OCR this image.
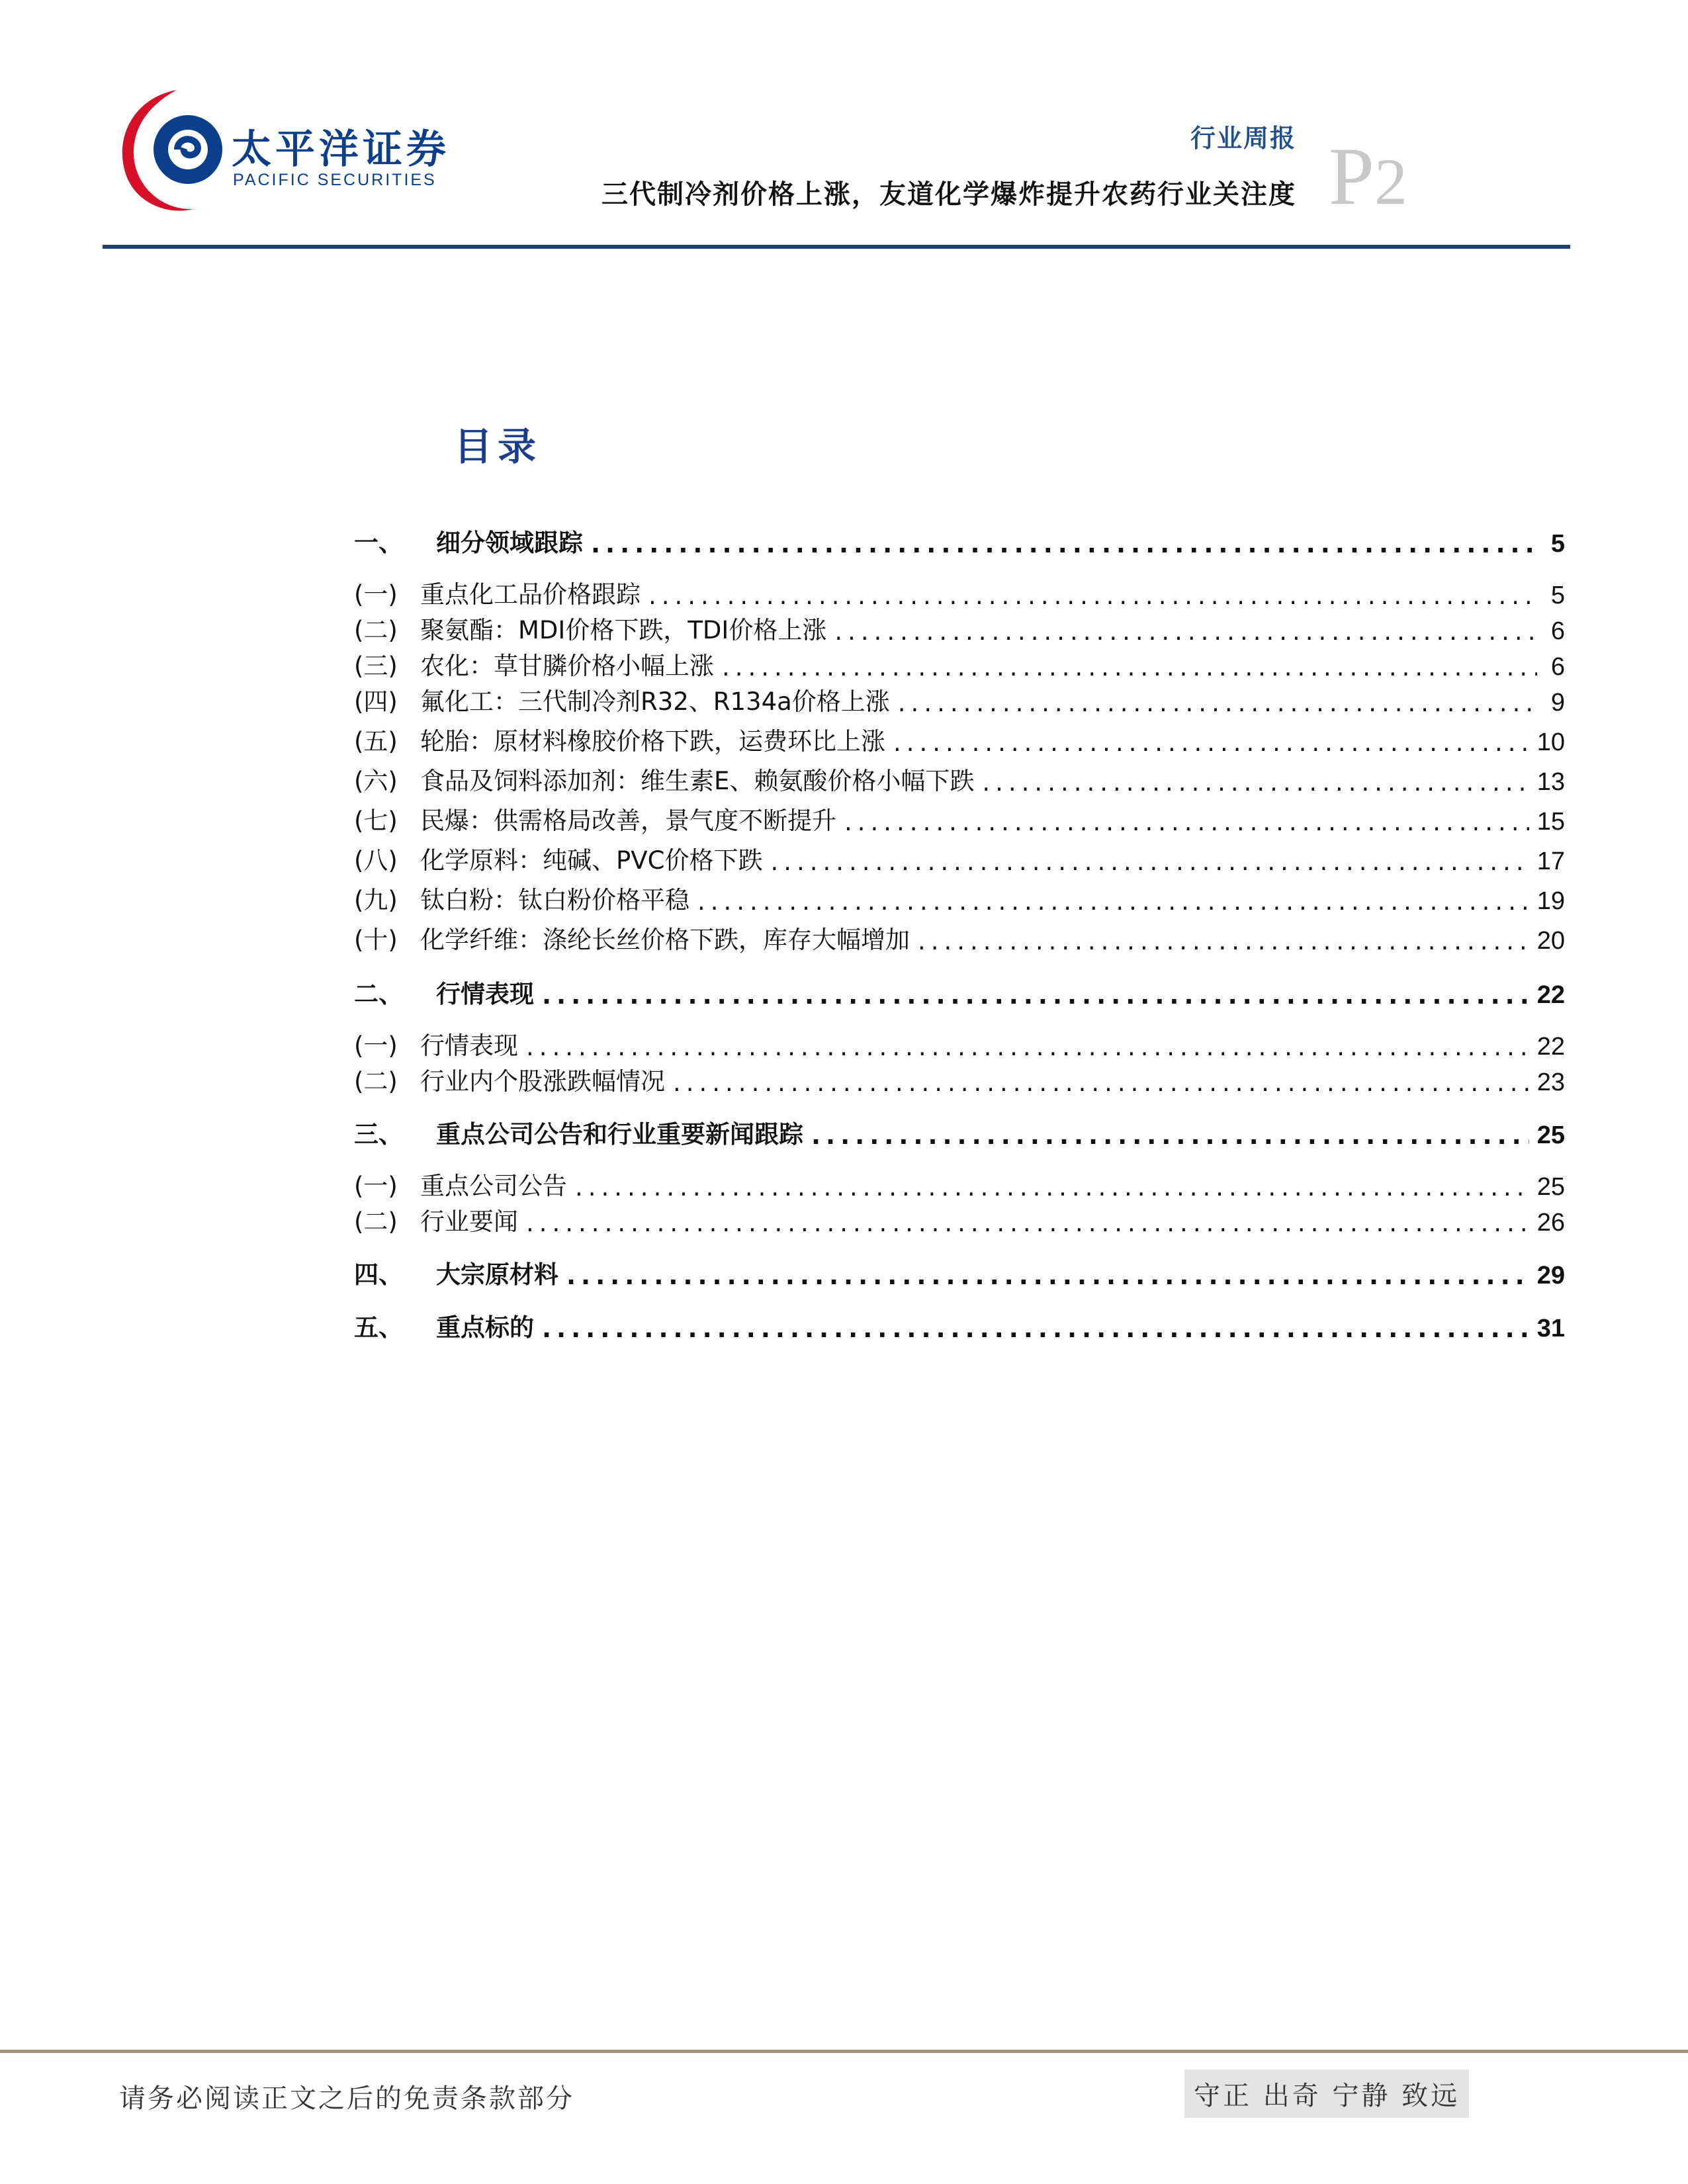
太平洋证券
PACIFIC SECURITIES
行业周报
三代制冷剂价格上涨，友道化学爆炸提升农药行业关注度 P2
目录
一、	细分领域跟踪 .....	5
(一) 重点化工品价格跟踪 .....	5
(二) 聚氨酯：MDI价格下跌，TDI价格上涨 .....	6
(三) 农化：草甘膦价格小幅上涨 .....	6
(四) 氟化工：三代制冷剂R32、R134a价格上涨 .....	9
(五) 轮胎：原材料橡胶价格下跌，运费环比上涨 .....	10
(六) 食品及饲料添加剂：维生素E、赖氨酸价格小幅下跌 .....	13
(七) 民爆：供需格局改善，景气度不断提升 .....	15
(八) 化学原料：纯碱、PVC价格下跌 .....	17
(九) 钛白粉：钛白粉价格平稳 .....	19
(十) 化学纤维：涤纶长丝价格下跌，库存大幅增加 .....	20
二、	行情表现 .....	22
(一) 行情表现 .....	22
(二) 行业内个股涨跌幅情况 .....	23
三、	重点公司公告和行业重要新闻跟踪 .....	25
(一) 重点公司公告 .....	25
(二) 行业要闻 .....	26
四、	大宗原材料 .....	29
五、	重点标的 .....	31
请务必阅读正文之后的免责条款部分	守正 出奇 宁静 致远
